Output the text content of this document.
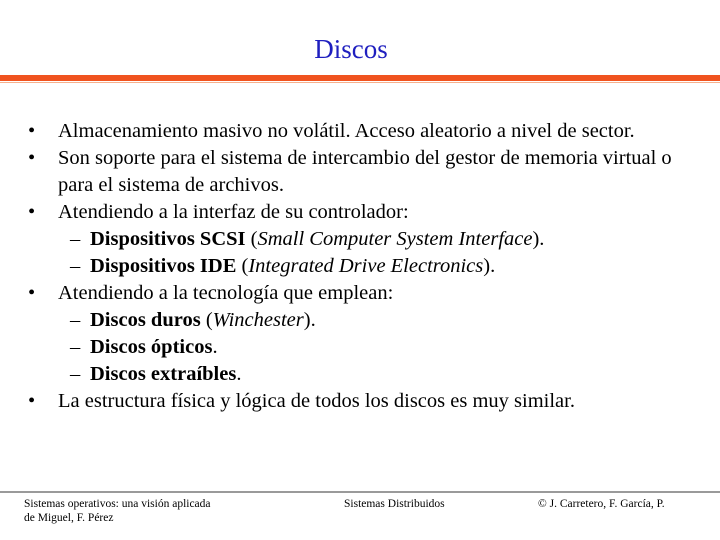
Discos
•	Almacenamiento masivo no volátil. Acceso aleatorio a nivel de sector.
•	Son soporte para el sistema de intercambio del gestor de memoria virtual o para el sistema de archivos.
•	Atendiendo a la interfaz de su controlador:
– Dispositivos SCSI (Small Computer System Interface).
– Dispositivos IDE (Integrated Drive Electronics).
•	Atendiendo a la tecnología que emplean:
– Discos duros (Winchester).
– Discos ópticos.
– Discos extraíbles.
•	La estructura física y lógica de todos los discos es muy similar.
Sistemas operativos: una visión aplicada
de Miguel, F. Pérez
Sistemas Distribuidos	© J. Carretero, F. García, P.
